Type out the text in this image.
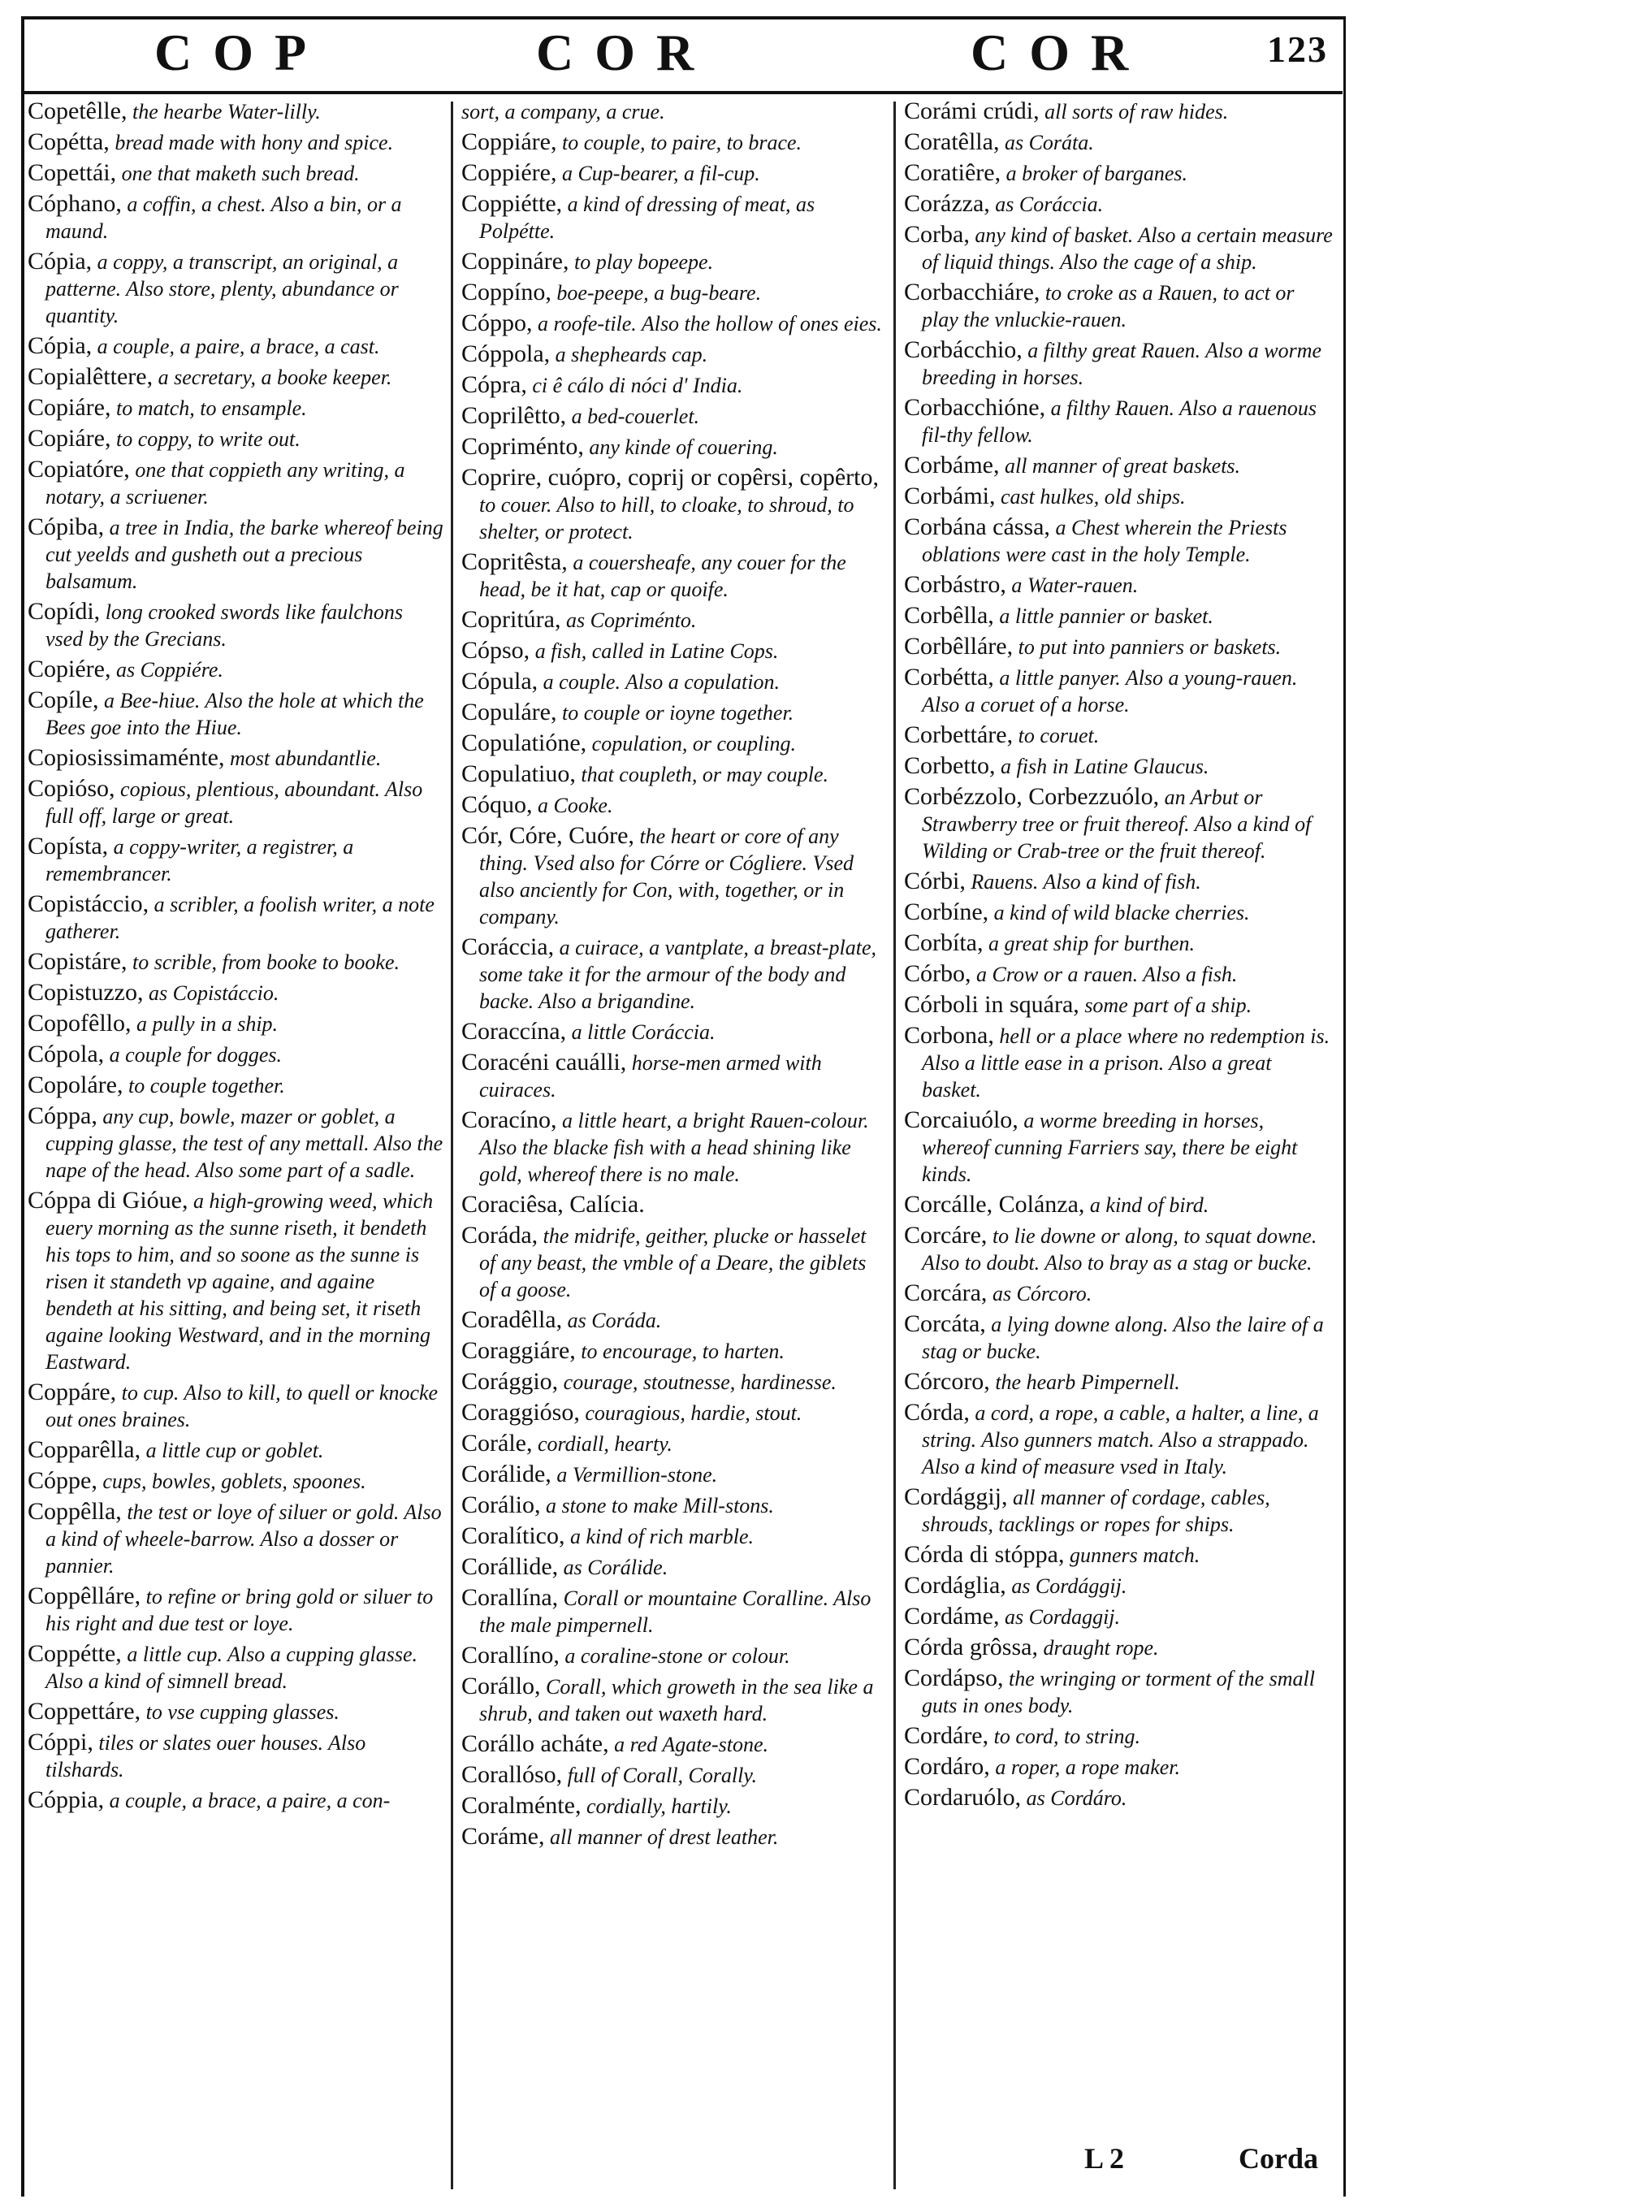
COP	COR	COR	123

Copetêlle, the hearbe Water-lilly.

Copétta, bread made with hony and spice.

Copettái, one that maketh such bread.

Cóphano, a coffin, a chest. Also a bin, or a maund.

Cópia, a coppy, a transcript, an original, a patterne. Also store, plenty, abundance or quantity.

Cópia, a couple, a paire, a brace, a cast.

Copialêttere, a secretary, a booke keeper.

Copiáre, to match, to ensample.

Copiáre, to coppy, to write out.

Copiatóre, one that coppieth any writing, a notary, a scriuener.

Cópiba, a tree in India, the barke whereof being cut yeelds and gusheth out a precious balsamum.

Copídi, long crooked swords like faulchons vsed by the Grecians.

Copiére, as Coppiére.

Copíle, a Bee-hiue. Also the hole at which the Bees goe into the Hiue.

Copiosissimaménte, most abundantlie.

Copióso, copious, plentious, aboundant. Also full off, large or great.

Copísta, a coppy-writer, a registrer, a remembrancer.

Copistáccio, a scribler, a foolish writer, a note gatherer.

Copistáre, to scrible, from booke to booke.

Copistuzzo, as Copistáccio.

Copofêllo, a pully in a ship.

Cópola, a couple for dogges.

Copoláre, to couple together.

Cóppa, any cup, bowle, mazer or goblet, a cupping glasse, the test of any mettall. Also the nape of the head. Also some part of a sadle.

Cóppa di Gióue, a high-growing weed, which euery morning as the sunne riseth, it bendeth his tops to him, and so soone as the sunne is risen it standeth vp againe, and againe bendeth at his sitting, and being set, it riseth againe looking Westward, and in the morning Eastward.

Coppáre, to cup. Also to kill, to quell or knocke out ones braines.

Copparêlla, a little cup or goblet.

Cóppe, cups, bowles, goblets, spoones.

Coppêlla, the test or loye of siluer or gold. Also a kind of wheele-barrow. Also a dosser or pannier.

Coppêlláre, to refine or bring gold or siluer to his right and due test or loye.

Coppétte, a little cup. Also a cupping glasse. Also a kind of simnell bread.

Coppettáre, to vse cupping glasses.

Cóppi, tiles or slates ouer houses. Also tilshards.

Cóppia, a couple, a brace, a paire, a con-

sort, a company, a crue.

Coppiáre, to couple, to paire, to brace.

Coppiére, a Cup-bearer, a fil-cup.

Coppiétte, a kind of dressing of meat, as Polpétte.

Coppináre, to play bopeepe.

Coppíno, boe-peepe, a bug-beare.

Cóppo, a roofe-tile. Also the hollow of ones eies.

Cóppola, a shepheards cap.

Cópra, ci ê cálo di nóci d' India.

Coprilêtto, a bed-couerlet.

Copriménto, any kinde of couering.

Coprire, cuópro, coprij or copêrsi, copêrto, to couer. Also to hill, to cloake, to shroud, to shelter, or protect.

Copritêsta, a couersheafe, any couer for the head, be it hat, cap or quoife.

Copritúra, as Copriménto.

Cópso, a fish, called in Latine Cops.

Cópula, a couple. Also a copulation.

Copuláre, to couple or ioyne together.

Copulatióne, copulation, or coupling.

Copulatiuo, that coupleth, or may couple.

Cóquo, a Cooke.

Cór, Córe, Cuóre, the heart or core of any thing. Vsed also for Córre or Cógliere. Vsed also anciently for Con, with, together, or in company.

Coráccia, a cuirace, a vantplate, a breast-plate, some take it for the armour of the body and backe. Also a brigandine.

Coraccína, a little Coráccia.

Coracéni cauálli, horse-men armed with cuiraces.

Coracíno, a little heart, a bright Rauen-colour. Also the blacke fish with a head shining like gold, whereof there is no male.

Coraciêsa, Calícia.

Coráda, the midrife, geither, plucke or hasselet of any beast, the vmble of a Deare, the giblets of a goose.

Coradêlla, as Coráda.

Coraggiáre, to encourage, to harten.

Corággio, courage, stoutnesse, hardinesse.

Coraggióso, couragious, hardie, stout.

Corále, cordiall, hearty.

Corálide, a Vermillion-stone.

Corálio, a stone to make Mill-stons.

Coralítico, a kind of rich marble.

Corállide, as Corálide.

Corallína, Corall or mountaine Coralline. Also the male pimpernell.

Corallíno, a coraline-stone or colour.

Corállo, Corall, which groweth in the sea like a shrub, and taken out waxeth hard.

Corállo acháte, a red Agate-stone.

Corallóso, full of Corall, Corally.

Coralménte, cordially, hartily.

Coráme, all manner of drest leather.

Corámi crúdi, all sorts of raw hides.

Coratêlla, as Coráta.

Coratiêre, a broker of barganes.

Corázza, as Coráccia.

Corba, any kind of basket. Also a certain measure of liquid things. Also the cage of a ship.

Corbacchiáre, to croke as a Rauen, to act or play the vnluckie-rauen.

Corbácchio, a filthy great Rauen. Also a worme breeding in horses.

Corbacchióne, a filthy Rauen. Also a rauenous fil-thy fellow.

Corbáme, all manner of great baskets.

Corbámi, cast hulkes, old ships.

Corbána cássa, a Chest wherein the Priests oblations were cast in the holy Temple.

Corbástro, a Water-rauen.

Corbêlla, a little pannier or basket.

Corbêlláre, to put into panniers or baskets.

Corbétta, a little panyer. Also a young-rauen. Also a coruet of a horse.

Corbettáre, to coruet.

Corbetto, a fish in Latine Glaucus.

Corbézzolo, Corbezzuólo, an Arbut or Strawberry tree or fruit thereof. Also a kind of Wilding or Crab-tree or the fruit thereof.

Córbi, Rauens. Also a kind of fish.

Corbíne, a kind of wild blacke cherries.

Corbíta, a great ship for burthen.

Córbo, a Crow or a rauen. Also a fish.

Córboli in squára, some part of a ship.

Corbona, hell or a place where no redemption is. Also a little ease in a prison. Also a great basket.

Corcaiuólo, a worme breeding in horses, whereof cunning Farriers say, there be eight kinds.

Corcálle, Colánza, a kind of bird.

Corcáre, to lie downe or along, to squat downe. Also to doubt. Also to bray as a stag or bucke.

Corcára, as Córcoro.

Corcáta, a lying downe along. Also the laire of a stag or bucke.

Córcoro, the hearb Pimpernell.

Córda, a cord, a rope, a cable, a halter, a line, a string. Also gunners match. Also a strappado. Also a kind of measure vsed in Italy.

Cordággij, all manner of cordage, cables, shrouds, tacklings or ropes for ships.

Córda di stóppa, gunners match.

Cordáglia, as Cordággij.

Cordáme, as Cordaggij.

Córda grôssa, draught rope.

Cordápso, the wringing or torment of the small guts in ones body.

Cordáre, to cord, to string.

Cordáro, a roper, a rope maker.

Cordaruólo, as Cordáro.

L 2	Corda
